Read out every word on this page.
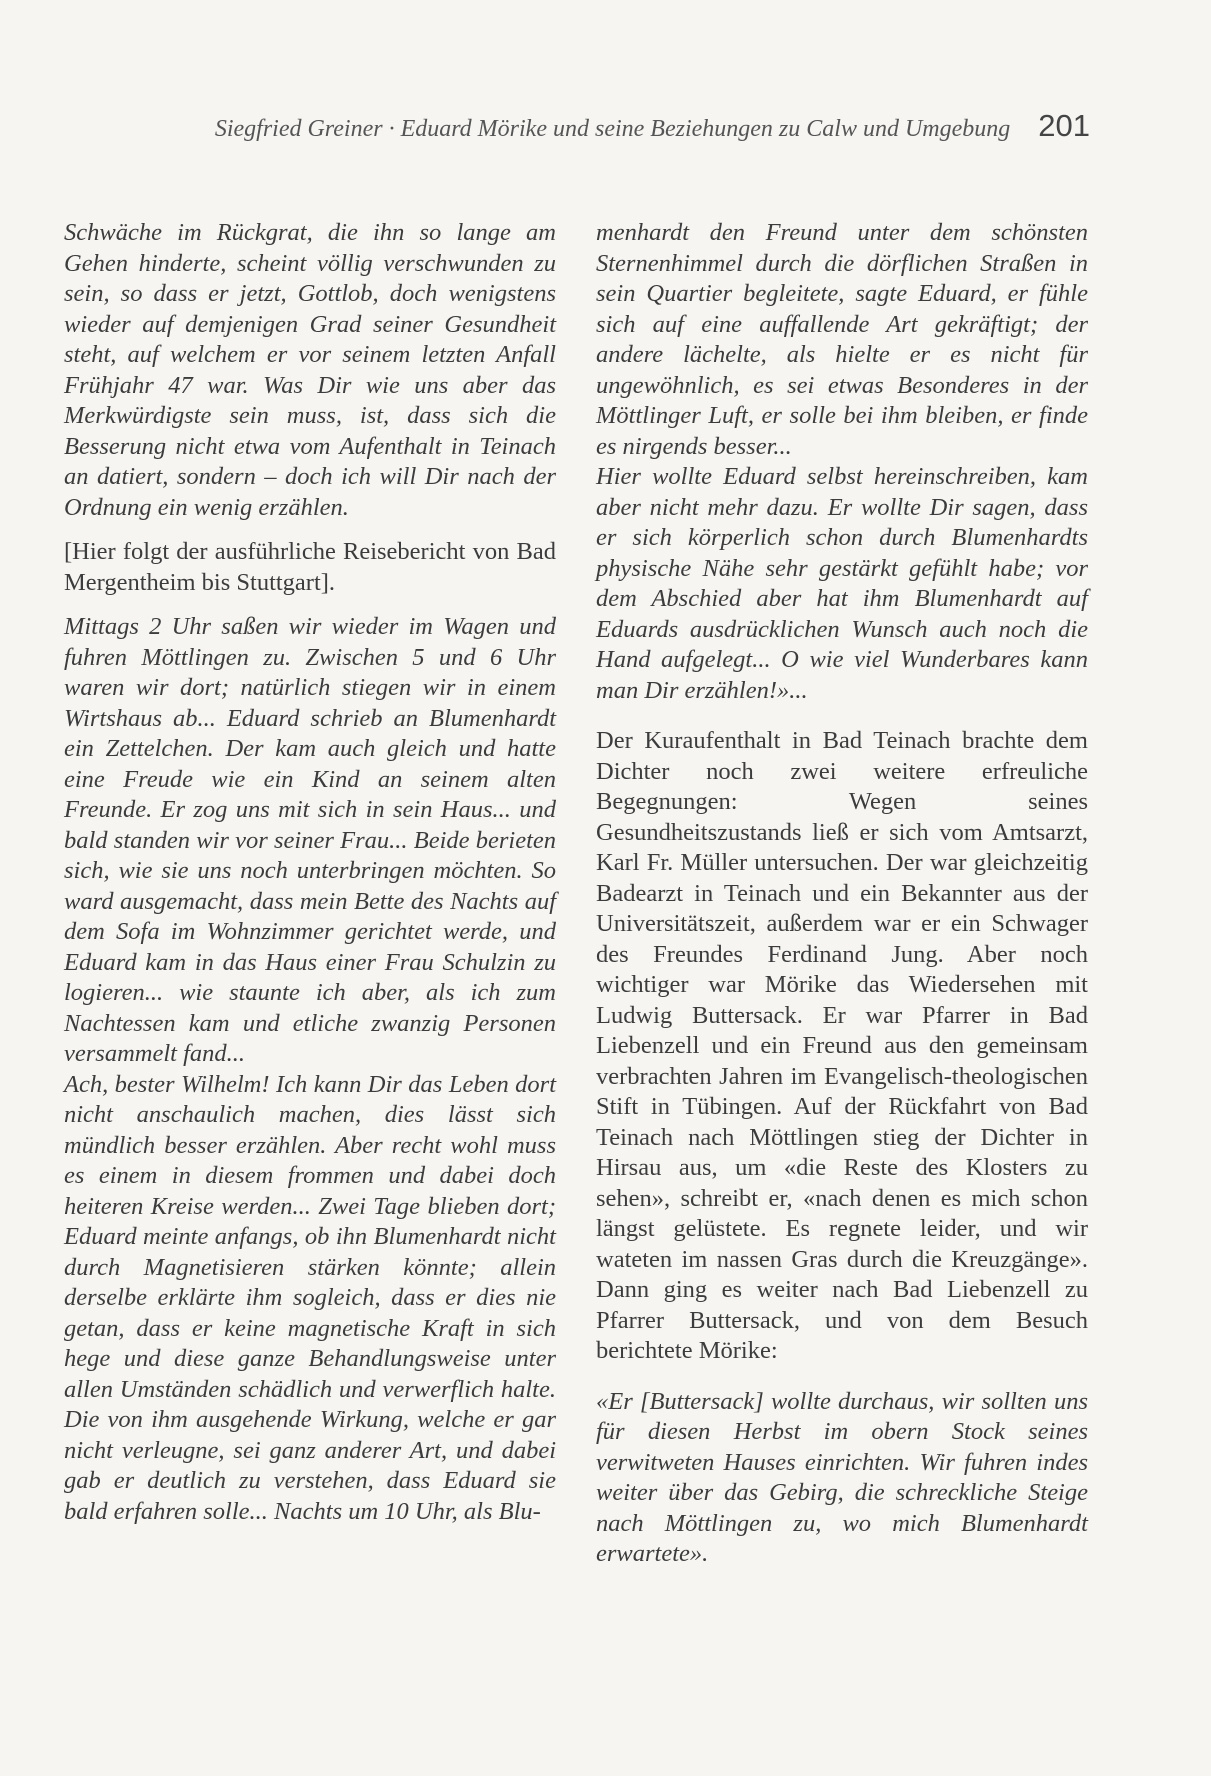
Siegfried Greiner · Eduard Mörike und seine Beziehungen zu Calw und Umgebung 201

Schwäche im Rückgrat, die ihn so lange am Gehen hinderte, scheint völlig verschwunden zu sein, so dass er jetzt, Gottlob, doch wenigstens wieder auf demjenigen Grad seiner Gesundheit steht, auf welchem er vor seinem letzten Anfall Frühjahr 47 war. Was Dir wie uns aber das Merkwürdigste sein muss, ist, dass sich die Besserung nicht etwa vom Aufenthalt in Teinach an datiert, sondern – doch ich will Dir nach der Ordnung ein wenig erzählen.

[Hier folgt der ausführliche Reisebericht von Bad Mergentheim bis Stuttgart].

Mittags 2 Uhr saßen wir wieder im Wagen und fuhren Möttlingen zu. Zwischen 5 und 6 Uhr waren wir dort; natürlich stiegen wir in einem Wirtshaus ab... Eduard schrieb an Blumenhardt ein Zettelchen. Der kam auch gleich und hatte eine Freude wie ein Kind an seinem alten Freunde. Er zog uns mit sich in sein Haus... und bald standen wir vor seiner Frau... Beide berieten sich, wie sie uns noch unterbringen möchten. So ward ausgemacht, dass mein Bette des Nachts auf dem Sofa im Wohnzimmer gerichtet werde, und Eduard kam in das Haus einer Frau Schulzin zu logieren... wie staunte ich aber, als ich zum Nachtessen kam und etliche zwanzig Personen versammelt fand...

Ach, bester Wilhelm! Ich kann Dir das Leben dort nicht anschaulich machen, dies lässt sich mündlich besser erzählen. Aber recht wohl muss es einem in diesem frommen und dabei doch heiteren Kreise werden... Zwei Tage blieben dort; Eduard meinte anfangs, ob ihn Blumenhardt nicht durch Magnetisieren stärken könnte; allein derselbe erklärte ihm sogleich, dass er dies nie getan, dass er keine magnetische Kraft in sich hege und diese ganze Behandlungsweise unter allen Umständen schädlich und verwerflich halte. Die von ihm ausgehende Wirkung, welche er gar nicht verleugne, sei ganz anderer Art, und dabei gab er deutlich zu verstehen, dass Eduard sie bald erfahren solle... Nachts um 10 Uhr, als Blu-

menhardt den Freund unter dem schönsten Sternenhimmel durch die dörflichen Straßen in sein Quartier begleitete, sagte Eduard, er fühle sich auf eine auffallende Art gekräftigt; der andere lächelte, als hielte er es nicht für ungewöhnlich, es sei etwas Besonderes in der Möttlinger Luft, er solle bei ihm bleiben, er finde es nirgends besser...

Hier wollte Eduard selbst hereinschreiben, kam aber nicht mehr dazu. Er wollte Dir sagen, dass er sich körperlich schon durch Blumenhardts physische Nähe sehr gestärkt gefühlt habe; vor dem Abschied aber hat ihm Blumenhardt auf Eduards ausdrücklichen Wunsch auch noch die Hand aufgelegt... O wie viel Wunderbares kann man Dir erzählen!»...

Der Kuraufenthalt in Bad Teinach brachte dem Dichter noch zwei weitere erfreuliche Begegnungen: Wegen seines Gesundheitszustands ließ er sich vom Amtsarzt, Karl Fr. Müller untersuchen. Der war gleichzeitig Badearzt in Teinach und ein Bekannter aus der Universitätszeit, außerdem war er ein Schwager des Freundes Ferdinand Jung. Aber noch wichtiger war Mörike das Wiedersehen mit Ludwig Buttersack. Er war Pfarrer in Bad Liebenzell und ein Freund aus den gemeinsam verbrachten Jahren im Evangelisch-theologischen Stift in Tübingen. Auf der Rückfahrt von Bad Teinach nach Möttlingen stieg der Dichter in Hirsau aus, um «die Reste des Klosters zu sehen», schreibt er, «nach denen es mich schon längst gelüstete. Es regnete leider, und wir wateten im nassen Gras durch die Kreuzgänge». Dann ging es weiter nach Bad Liebenzell zu Pfarrer Buttersack, und von dem Besuch berichtete Mörike:

«Er [Buttersack] wollte durchaus, wir sollten uns für diesen Herbst im obern Stock seines verwitweten Hauses einrichten. Wir fuhren indes weiter über das Gebirg, die schreckliche Steige nach Möttlingen zu, wo mich Blumenhardt erwartete».
